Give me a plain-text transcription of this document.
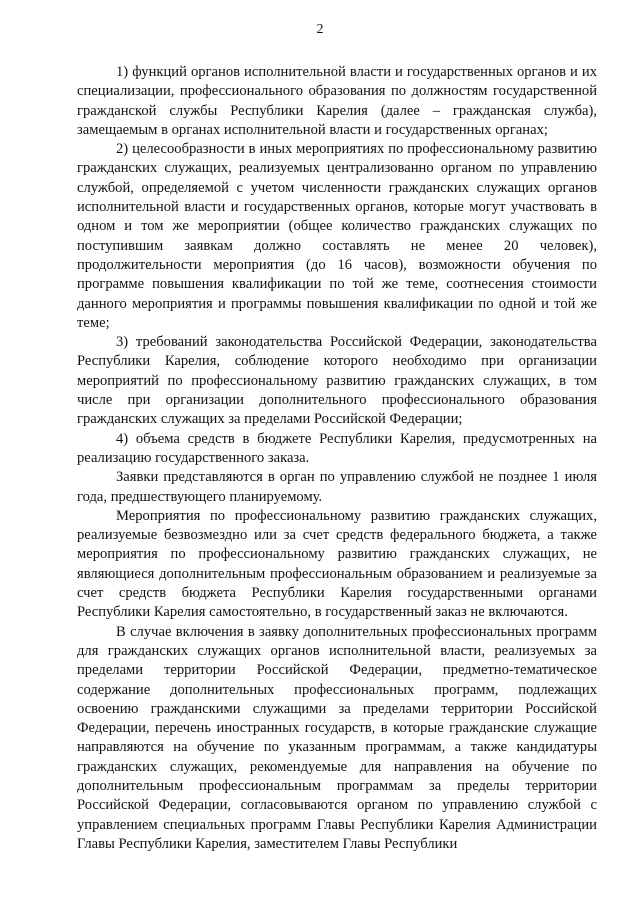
2

1) функций органов исполнительной власти и государственных органов и их специализации, профессионального образования по должностям государственной гражданской службы Республики Карелия (далее – гражданская служба), замещаемым в органах исполнительной власти и государственных органах;

2) целесообразности в иных мероприятиях по профессиональному развитию гражданских служащих, реализуемых централизованно органом по управлению службой, определяемой с учетом численности гражданских служащих органов исполнительной власти и государственных органов, которые могут участвовать в одном и том же мероприятии (общее количество гражданских служащих по поступившим заявкам должно составлять не менее 20 человек), продолжительности мероприятия (до 16 часов), возможности обучения по программе повышения квалификации по той же теме, соотнесения стоимости данного мероприятия и программы повышения квалификации по одной и той же теме;

3) требований законодательства Российской Федерации, законодательства Республики Карелия, соблюдение которого необходимо при организации мероприятий по профессиональному развитию гражданских служащих, в том числе при организации дополнительного профессионального образования гражданских служащих за пределами Российской Федерации;

4) объема средств в бюджете Республики Карелия, предусмотренных на реализацию государственного заказа.

Заявки представляются в орган по управлению службой не позднее 1 июля года, предшествующего планируемому.

Мероприятия по профессиональному развитию гражданских служащих, реализуемые безвозмездно или за счет средств федерального бюджета, а также мероприятия по профессиональному развитию гражданских служащих, не являющиеся дополнительным профессиональным образованием и реализуемые за счет средств бюджета Республики Карелия государственными органами Республики Карелия самостоятельно, в государственный заказ не включаются.

В случае включения в заявку дополнительных профессиональных программ для гражданских служащих органов исполнительной власти, реализуемых за пределами территории Российской Федерации, предметно-тематическое содержание дополнительных профессиональных программ, подлежащих освоению гражданскими служащими за пределами территории Российской Федерации, перечень иностранных государств, в которые гражданские служащие направляются на обучение по указанным программам, а также кандидатуры гражданских служащих, рекомендуемые для направления на обучение по дополнительным профессиональным программам за пределы территории Российской Федерации, согласовываются органом по управлению службой с управлением специальных программ Главы Республики Карелия Администрации Главы Республики Карелия, заместителем Главы Республики
